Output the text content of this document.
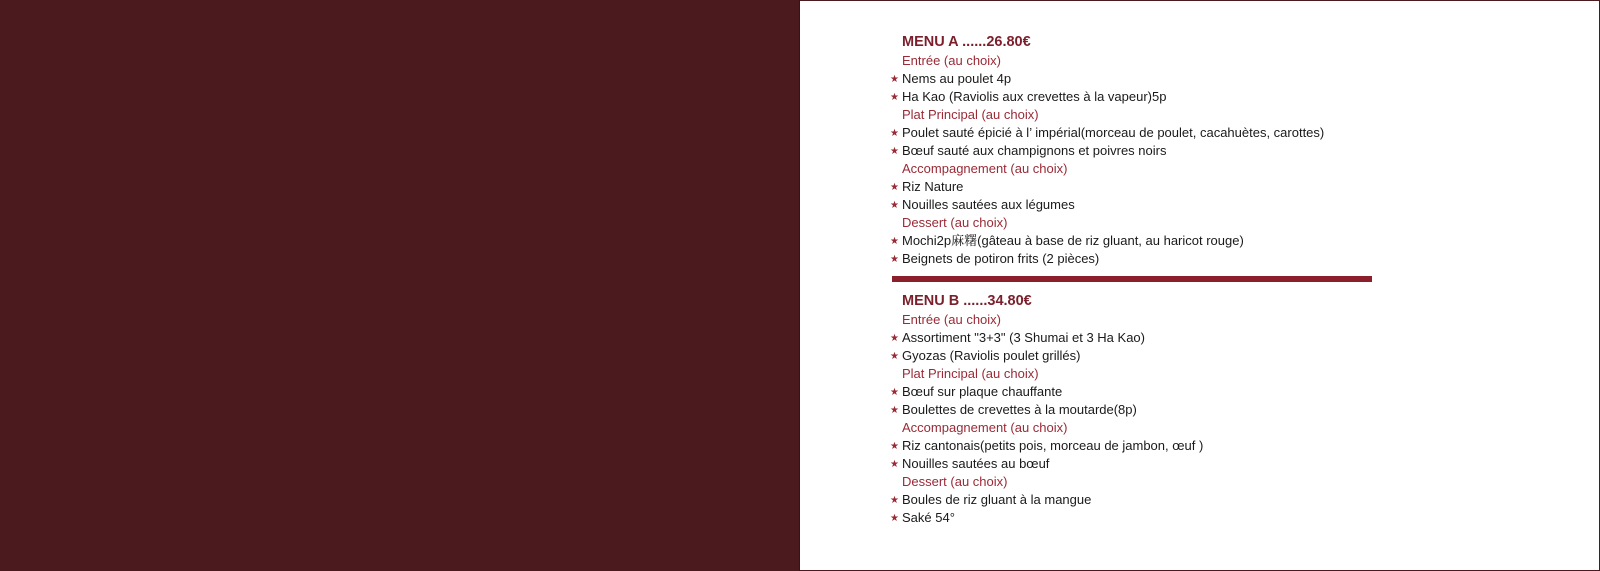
MENU A ......26.80€
Entrée (au choix)
★ Nems au poulet 4p
★ Ha Kao (Raviolis aux crevettes à la vapeur)5p
Plat Principal (au choix)
★ Poulet sauté épicié à l’ impérial(morceau de poulet, cacahuètes, carottes)
★ Bœuf sauté aux champignons et poivres noirs
Accompagnement (au choix)
★ Riz Nature
★ Nouilles sautées aux légumes
Dessert (au choix)
★ Mochi2p麻糬(gâteau à base de riz gluant, au haricot rouge)
★ Beignets de potiron frits (2 pièces)
MENU B ......34.80€
Entrée (au choix)
★ Assortiment "3+3" (3 Shumai et 3 Ha Kao)
★ Gyozas (Raviolis poulet grillés)
Plat Principal (au choix)
★ Bœuf sur plaque chauffante
★ Boulettes de crevettes à la moutarde(8p)
Accompagnement (au choix)
★ Riz cantonais(petits pois, morceau de jambon, œuf )
★ Nouilles sautées au bœuf
Dessert (au choix)
★ Boules de riz gluant à la mangue
★ Saké 54°
